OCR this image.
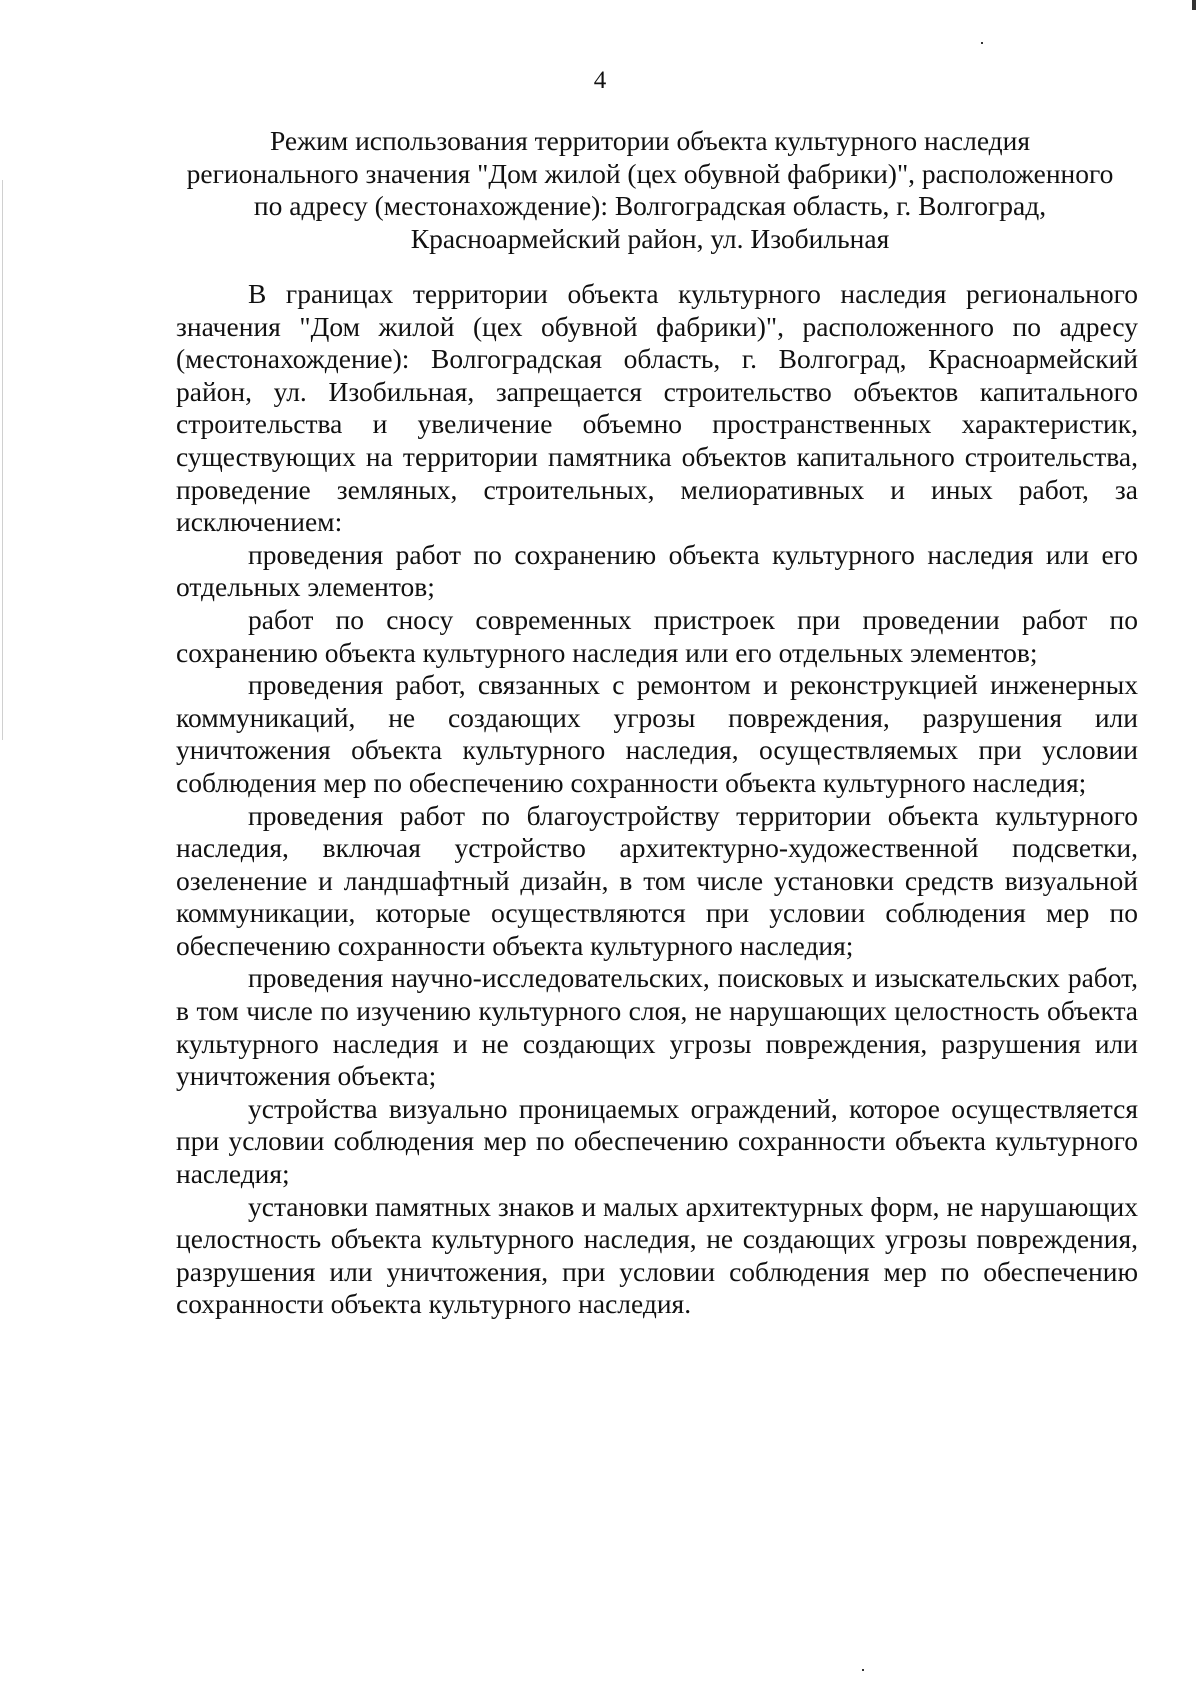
4
Режим использования территории объекта культурного наследия
регионального значения "Дом жилой (цех обувной фабрики)", расположенного
по адресу (местонахождение): Волгоградская область, г. Волгоград,
Красноармейский район, ул. Изобильная

В границах территории объекта культурного наследия регионального значения "Дом жилой (цех обувной фабрики)", расположенного по адресу (местонахождение): Волгоградская область, г. Волгоград, Красноармейский район, ул. Изобильная, запрещается строительство объектов капитального строительства и увеличение объемно пространственных характеристик, существующих на территории памятника объектов капитального строительства, проведение земляных, строительных, мелиоративных и иных работ, за исключением:

проведения работ по сохранению объекта культурного наследия или его отдельных элементов;

работ по сносу современных пристроек при проведении работ по сохранению объекта культурного наследия или его отдельных элементов;

проведения работ, связанных с ремонтом и реконструкцией инженерных коммуникаций, не создающих угрозы повреждения, разрушения или уничтожения объекта культурного наследия, осуществляемых при условии соблюдения мер по обеспечению сохранности объекта культурного наследия;

проведения работ по благоустройству территории объекта культурного наследия, включая устройство архитектурно-художественной подсветки, озеленение и ландшафтный дизайн, в том числе установки средств визуальной коммуникации, которые осуществляются при условии соблюдения мер по обеспечению сохранности объекта культурного наследия;

проведения научно-исследовательских, поисковых и изыскательских работ, в том числе по изучению культурного слоя, не нарушающих целостность объекта культурного наследия и не создающих угрозы повреждения, разрушения или уничтожения объекта;

устройства визуально проницаемых ограждений, которое осуществляется при условии соблюдения мер по обеспечению сохранности объекта культурного наследия;

установки памятных знаков и малых архитектурных форм, не нарушающих целостность объекта культурного наследия, не создающих угрозы повреждения, разрушения или уничтожения, при условии соблюдения мер по обеспечению сохранности объекта культурного наследия.
